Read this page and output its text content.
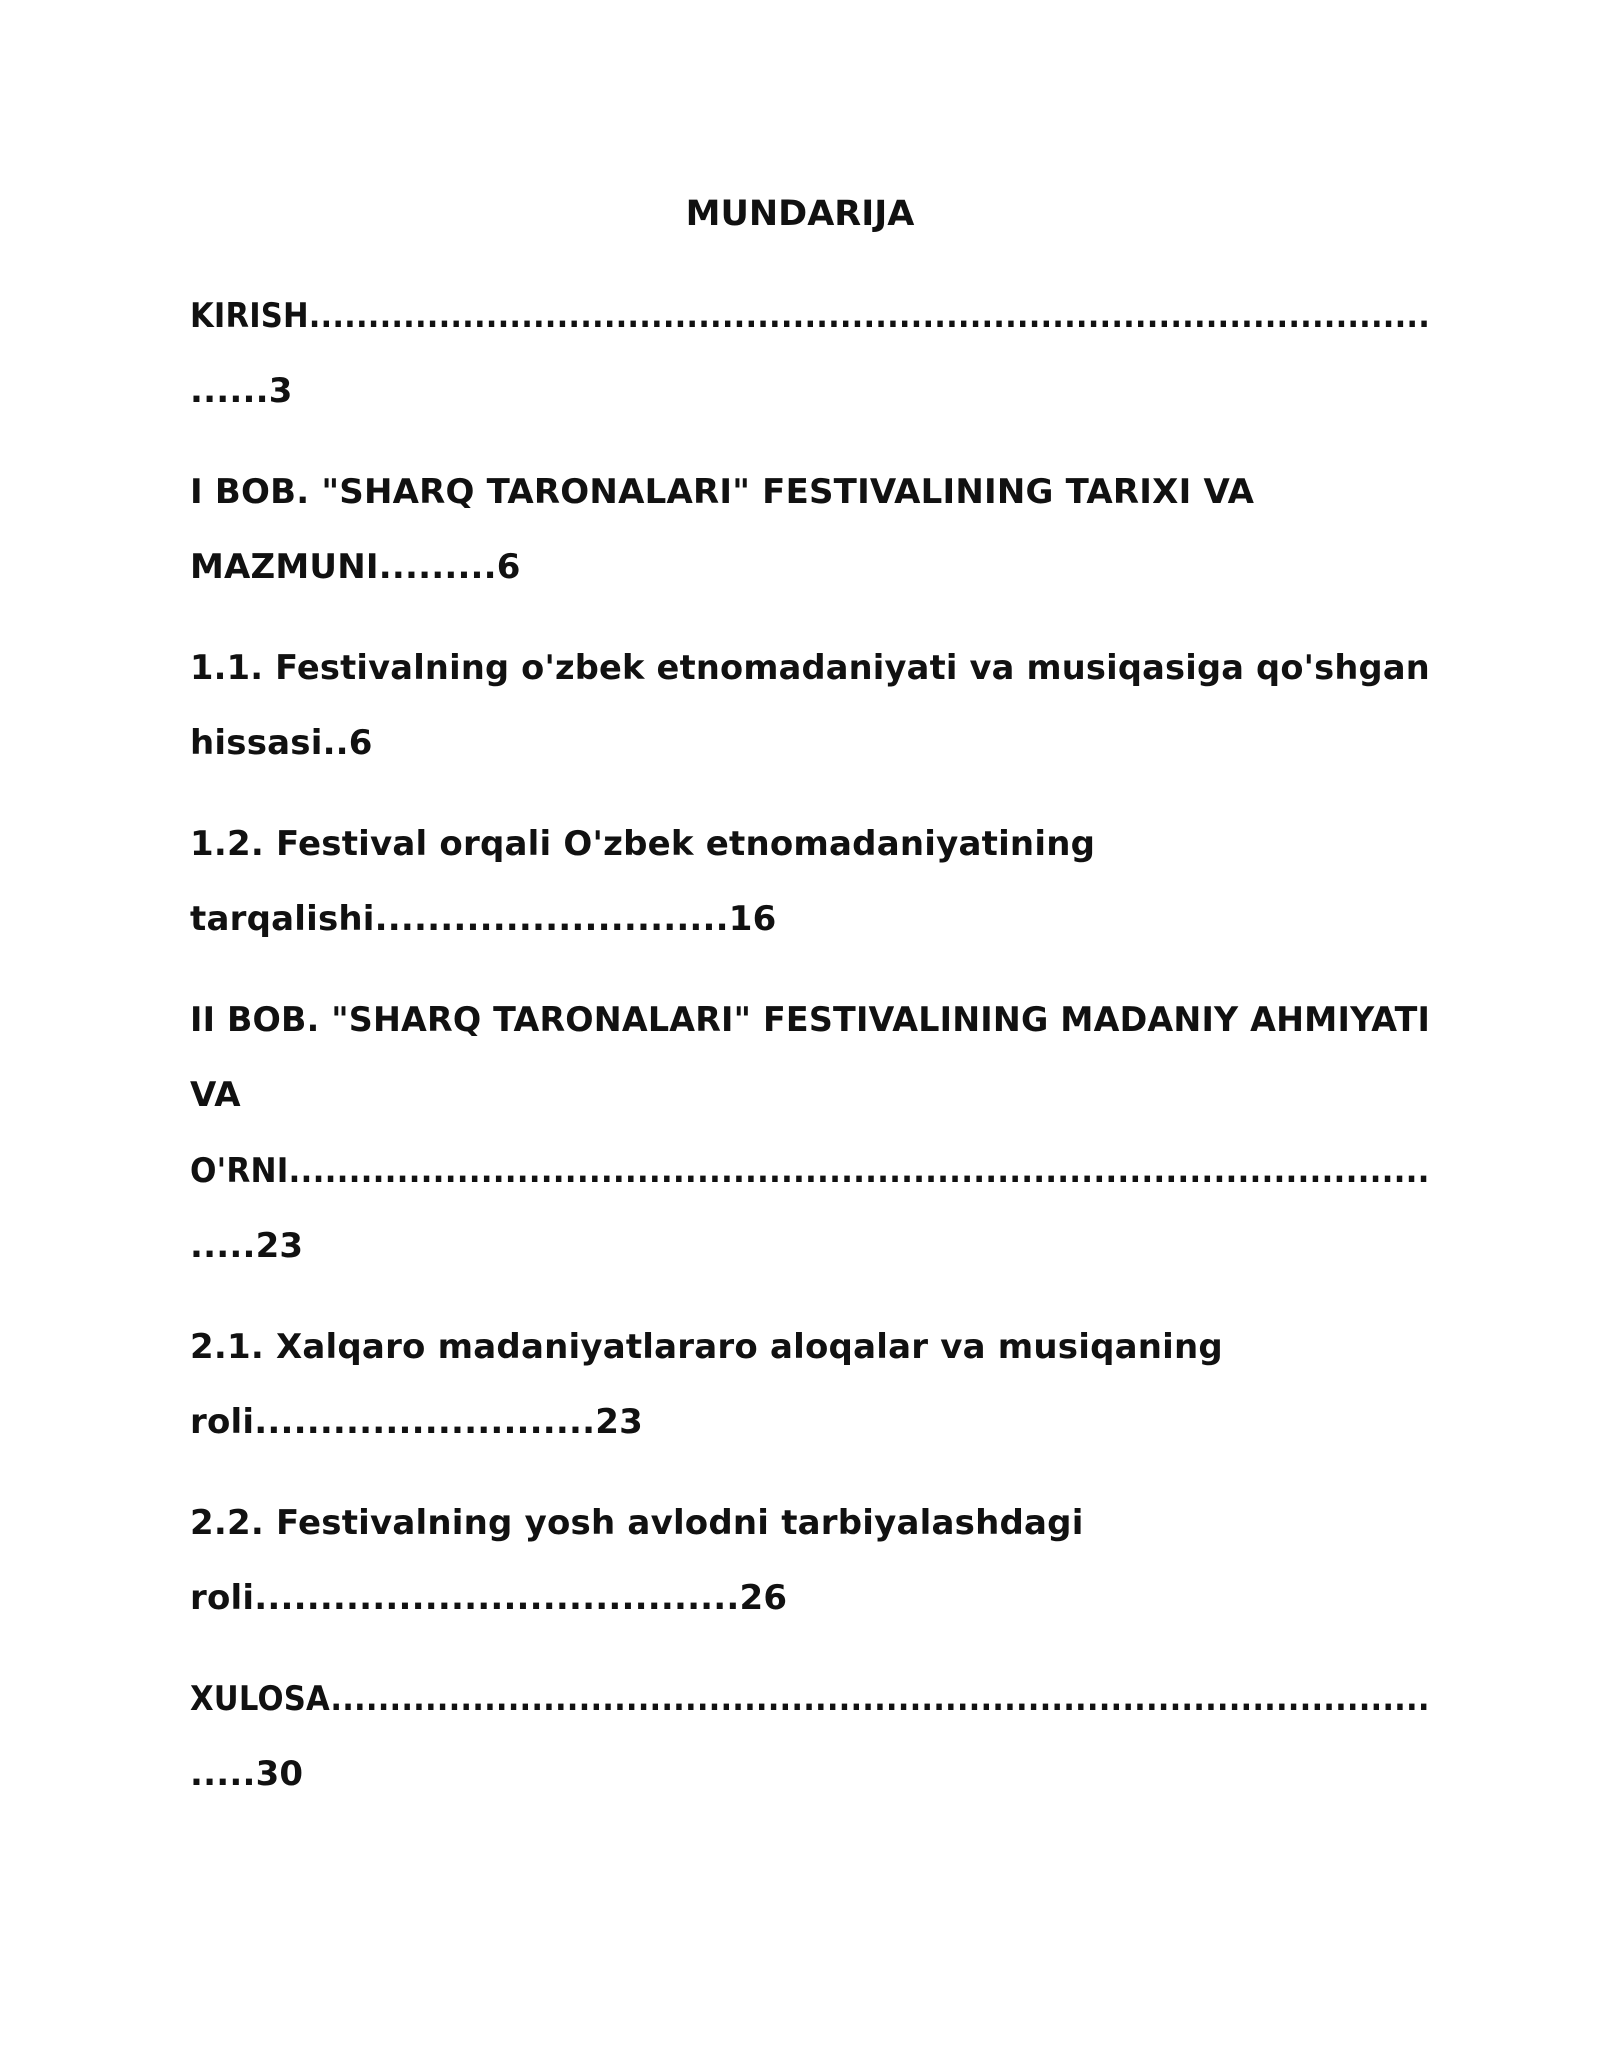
MUNDARIJA
KIRISH...............................................................................................
......3
I BOB. "SHARQ TARONALARI" FESTIVALINING TARIXI VA
MAZMUNI.........6
1.1. Festivalning o'zbek etnomadaniyati va musiqasiga qo'shgan
hissasi..6
1.2. Festival orqali O'zbek etnomadaniyatining
tarqalishi...........................16
II BOB. "SHARQ TARONALARI" FESTIVALINING MADANIY AHMIYATI
VA
O'RNI...............................................................................................
.....23
2.1. Xalqaro madaniyatlararo aloqalar va musiqaning
roli..........................23
2.2. Festivalning yosh avlodni tarbiyalashdagi
roli.....................................26
XULOSA.............................................................................................
.....30
